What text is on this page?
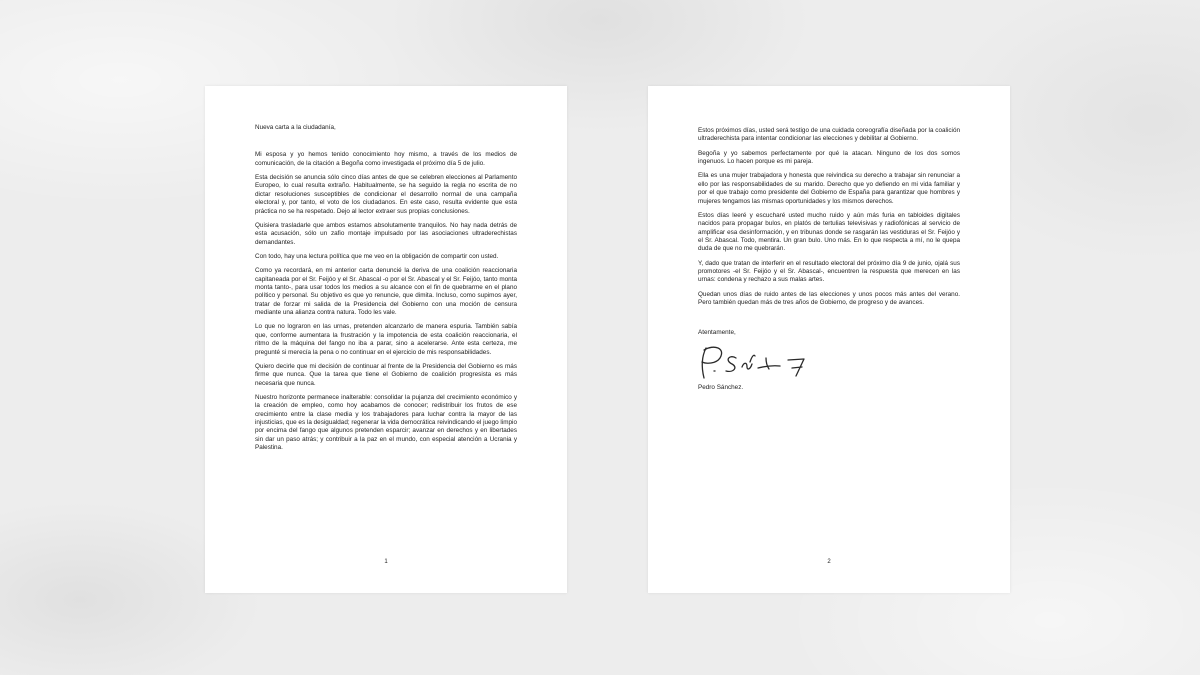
Nueva carta a la ciudadanía,

Mi esposa y yo hemos tenido conocimiento hoy mismo, a través de los medios de comunicación, de la citación a Begoña como investigada el próximo día 5 de julio.

Esta decisión se anuncia sólo cinco días antes de que se celebren elecciones al Parlamento Europeo, lo cual resulta extraño. Habitualmente, se ha seguido la regla no escrita de no dictar resoluciones susceptibles de condicionar el desarrollo normal de una campaña electoral y, por tanto, el voto de los ciudadanos. En este caso, resulta evidente que esta práctica no se ha respetado. Dejo al lector extraer sus propias conclusiones.

Quisiera trasladarle que ambos estamos absolutamente tranquilos. No hay nada detrás de esta acusación, sólo un zafio montaje impulsado por las asociaciones ultraderechistas demandantes.

Con todo, hay una lectura política que me veo en la obligación de compartir con usted.

Como ya recordará, en mi anterior carta denuncié la deriva de una coalición reaccionaria capitaneada por el Sr. Feijóo y el Sr. Abascal -o por el Sr. Abascal y el Sr. Feijóo, tanto monta monta tanto-, para usar todos los medios a su alcance con el fin de quebrarme en el plano político y personal. Su objetivo es que yo renuncie, que dimita. Incluso, como supimos ayer, tratar de forzar mi salida de la Presidencia del Gobierno con una moción de censura mediante una alianza contra natura. Todo les vale.

Lo que no lograron en las urnas, pretenden alcanzarlo de manera espuria. También sabía que, conforme aumentara la frustración y la impotencia de esta coalición reaccionaria, el ritmo de la máquina del fango no iba a parar, sino a acelerarse. Ante esta certeza, me pregunté si merecía la pena o no continuar en el ejercicio de mis responsabilidades.

Quiero decirle que mi decisión de continuar al frente de la Presidencia del Gobierno es más firme que nunca. Que la tarea que tiene el Gobierno de coalición progresista es más necesaria que nunca.

Nuestro horizonte permanece inalterable: consolidar la pujanza del crecimiento económico y la creación de empleo, como hoy acabamos de conocer; redistribuir los frutos de ese crecimiento entre la clase media y los trabajadores para luchar contra la mayor de las injusticias, que es la desigualdad; regenerar la vida democrática reivindicando el juego limpio por encima del fango que algunos pretenden esparcir; avanzar en derechos y en libertades sin dar un paso atrás; y contribuir a la paz en el mundo, con especial atención a Ucrania y Palestina.

1

Estos próximos días, usted será testigo de una cuidada coreografía diseñada por la coalición ultraderechista para intentar condicionar las elecciones y debilitar al Gobierno.

Begoña y yo sabemos perfectamente por qué la atacan. Ninguno de los dos somos ingenuos. Lo hacen porque es mi pareja.

Ella es una mujer trabajadora y honesta que reivindica su derecho a trabajar sin renunciar a ello por las responsabilidades de su marido. Derecho que yo defiendo en mi vida familiar y por el que trabajo como presidente del Gobierno de España para garantizar que hombres y mujeres tengamos las mismas oportunidades y los mismos derechos.

Estos días leeré y escucharé usted mucho ruido y aún más furia en tabloides digitales nacidos para propagar bulos, en platós de tertulias televisivas y radiofónicas al servicio de amplificar esa desinformación, y en tribunas donde se rasgarán las vestiduras el Sr. Feijóo y el Sr. Abascal. Todo, mentira. Un gran bulo. Uno más. En lo que respecta a mí, no le quepa duda de que no me quebrarán.

Y, dado que tratan de interferir en el resultado electoral del próximo día 9 de junio, ojalá sus promotores -el Sr. Feijóo y el Sr. Abascal-, encuentren la respuesta que merecen en las urnas: condena y rechazo a sus malas artes.

Quedan unos días de ruido antes de las elecciones y unos pocos más antes del verano. Pero también quedan más de tres años de Gobierno, de progreso y de avances.

Atentamente,

Pedro Sánchez.

2
